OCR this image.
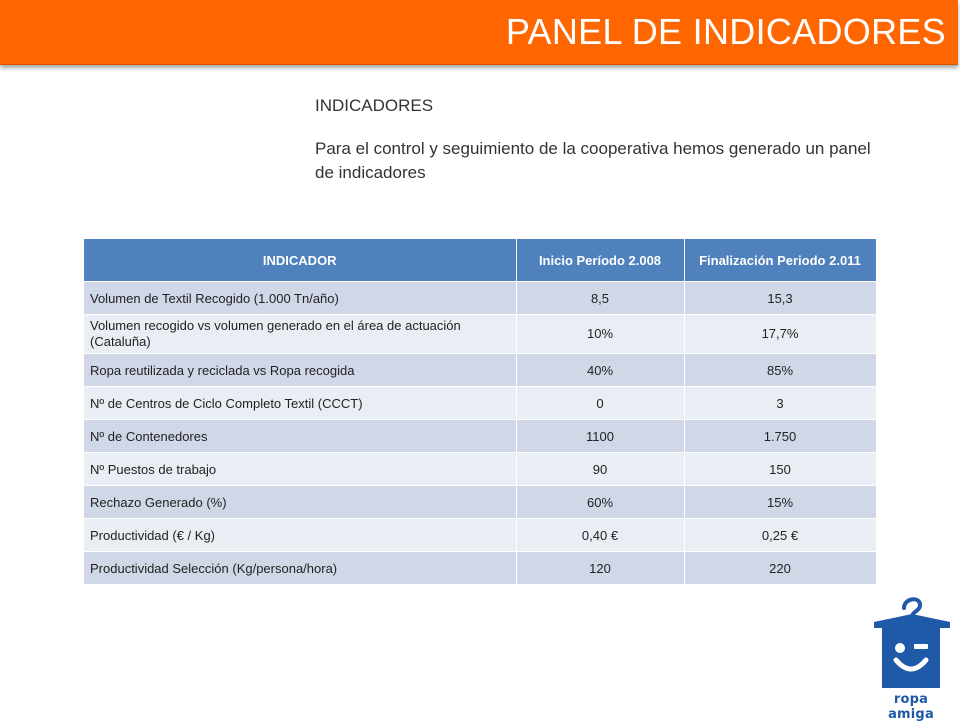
PANEL DE INDICADORES
INDICADORES
Para el control y seguimiento de la cooperativa hemos generado un panel de indicadores
INDICADOR	Inicio Período 2.008	Finalización Periodo 2.011
Volumen de Textil Recogido (1.000 Tn/año)	8,5	15,3
Volumen recogido vs volumen generado en el área de actuación (Cataluña)	10%	17,7%
Ropa reutilizada y reciclada vs Ropa recogida	40%	85%
Nº de Centros de Ciclo Completo Textil (CCCT)	0	3
Nº de Contenedores	1100	1.750
Nº Puestos de trabajo	90	150
Rechazo Generado (%)	60%	15%
Productividad (€ / Kg)	0,40 €	0,25 €
Productividad Selección (Kg/persona/hora)	120	220
ropa amiga
